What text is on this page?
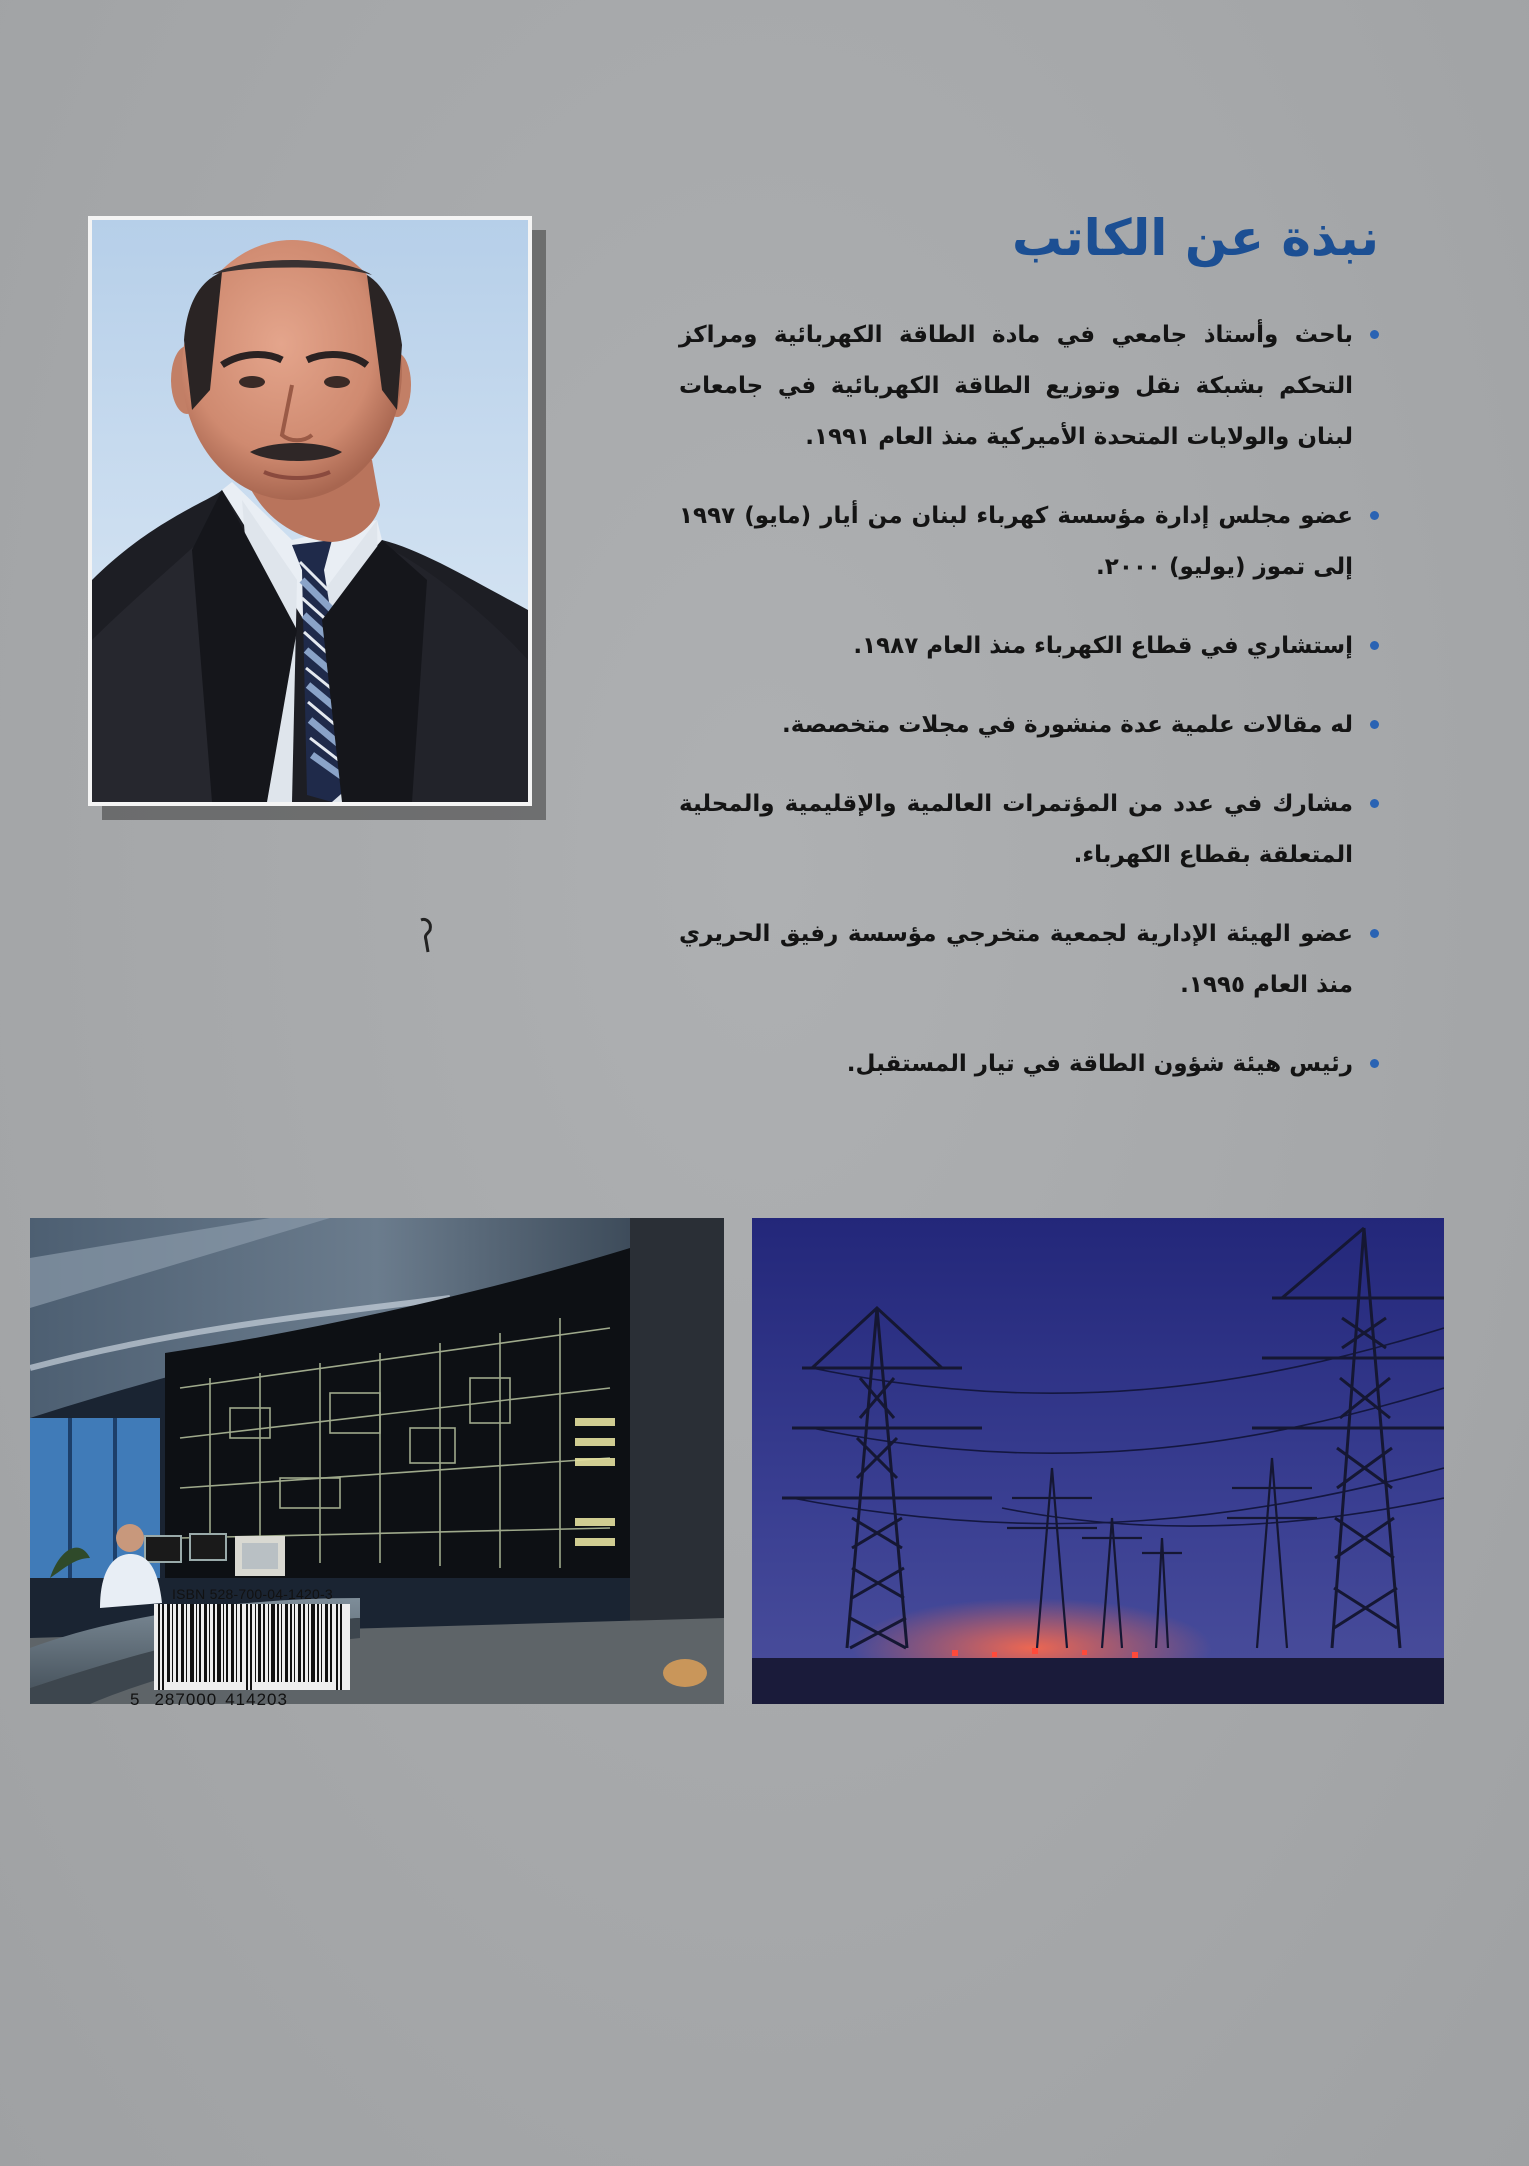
نبذة عن الكاتب
باحث وأستاذ جامعي في مادة الطاقة الكهربائية ومراكز التحكم بشبكة نقل وتوزيع الطاقة الكهربائية في جامعات لبنان والولايات المتحدة الأميركية منذ العام ١٩٩١.
عضو مجلس إدارة مؤسسة كهرباء لبنان من أيار (مايو) ١٩٩٧ إلى تموز (يوليو) ٢٠٠٠.
إستشاري في قطاع الكهرباء منذ العام ١٩٨٧.
له مقالات علمية عدة منشورة في مجلات متخصصة.
مشارك في عدد من المؤتمرات العالمية والإقليمية والمحلية المتعلقة بقطاع الكهرباء.
عضو الهيئة الإدارية لجمعية متخرجي مؤسسة رفيق الحريري منذ العام ١٩٩٥.
رئيس هيئة شؤون الطاقة في تيار المستقبل.
ISBN 528-700-04-1420-3
5 287000 414203
